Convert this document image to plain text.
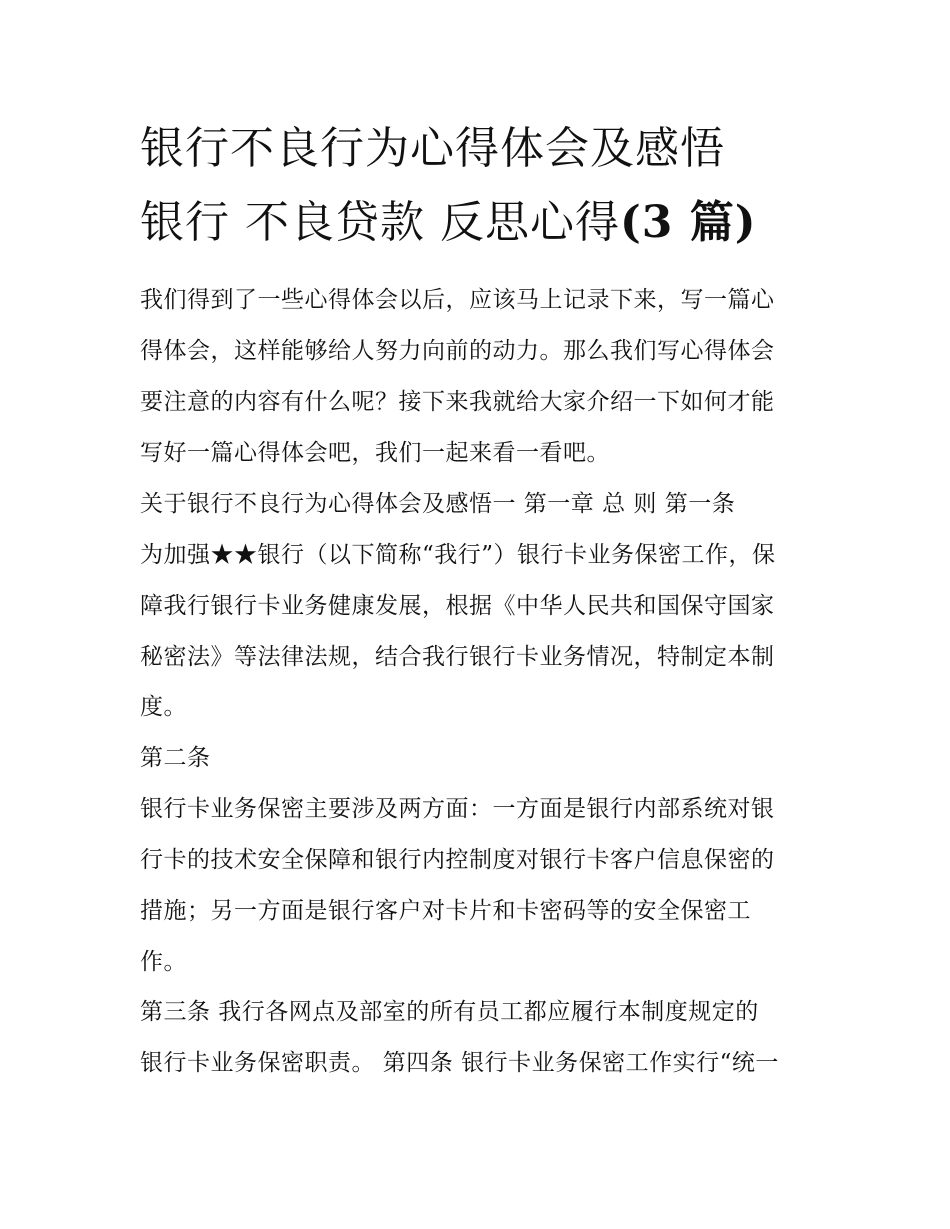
银行不良行为心得体会及感悟
银行 不良贷款 反思心得(3 篇)

我们得到了一些心得体会以后，应该马上记录下来，写一篇心

得体会，这样能够给人努力向前的动力。那么我们写心得体会

要注意的内容有什么呢？接下来我就给大家介绍一下如何才能

写好一篇心得体会吧，我们一起来看一看吧。

关于银行不良行为心得体会及感悟一 第一章 总 则 第一条

为加强★★银行（以下简称“我行”）银行卡业务保密工作，保

障我行银行卡业务健康发展，根据《中华人民共和国保守国家

秘密法》等法律法规，结合我行银行卡业务情况，特制定本制

度。

第二条

银行卡业务保密主要涉及两方面：一方面是银行内部系统对银

行卡的技术安全保障和银行内控制度对银行卡客户信息保密的

措施；另一方面是银行客户对卡片和卡密码等的安全保密工

作。

第三条 我行各网点及部室的所有员工都应履行本制度规定的

银行卡业务保密职责。 第四条 银行卡业务保密工作实行“统一
